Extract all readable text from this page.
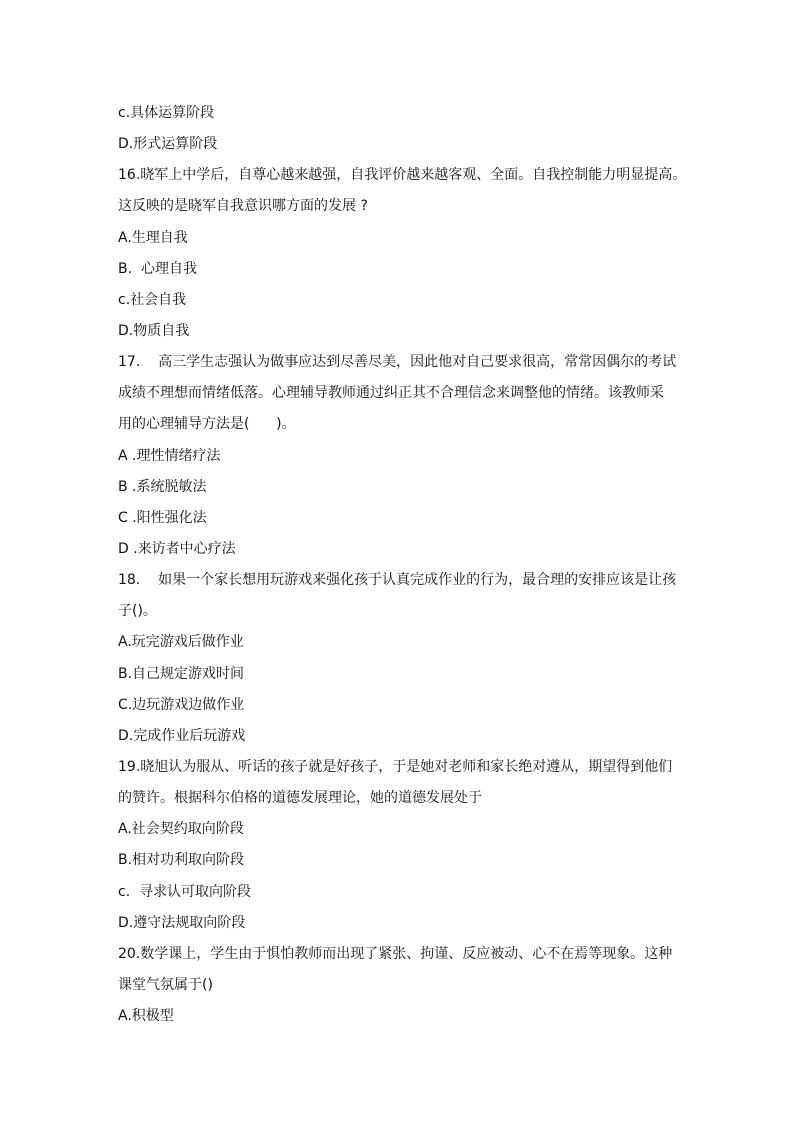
c.具体运算阶段
D.形式运算阶段
16.晓军上中学后，自尊心越来越强，自我评价越来越客观、全面。自我控制能力明显提高。
这反映的是晓军自我意识哪方面的发展 ?
A.生理自我
B.  心理自我
c.社会自我
D.物质自我
17.    高三学生志强认为做事应达到尽善尽美，因此他对自己要求很高，常常因偶尔的考试
成绩不理想而情绪低落。心理辅导教师通过纠正其不合理信念来调整他的情绪。该教师采
用的心理辅导方法是(      )。
A .理性情绪疗法
B .系统脱敏法
C .阳性强化法
D .来访者中心疗法
18.    如果一个家长想用玩游戏来强化孩于认真完成作业的行为，最合理的安排应该是让孩
子()。
A.玩完游戏后做作业
B.自己规定游戏时间
C.边玩游戏边做作业
D.完成作业后玩游戏
19.晓旭认为服从、听话的孩子就是好孩子，于是她对老师和家长绝对遵从，期望得到他们
的赞许。根据科尔伯格的道德发展理论，她的道德发展处于
A.社会契约取向阶段
B.相对功利取向阶段
c.  寻求认可取向阶段
D.遵守法规取向阶段
20.数学课上，学生由于惧怕教师而出现了紧张、拘谨、反应被动、心不在焉等现象。这种
课堂气氛属于()
A.积极型
